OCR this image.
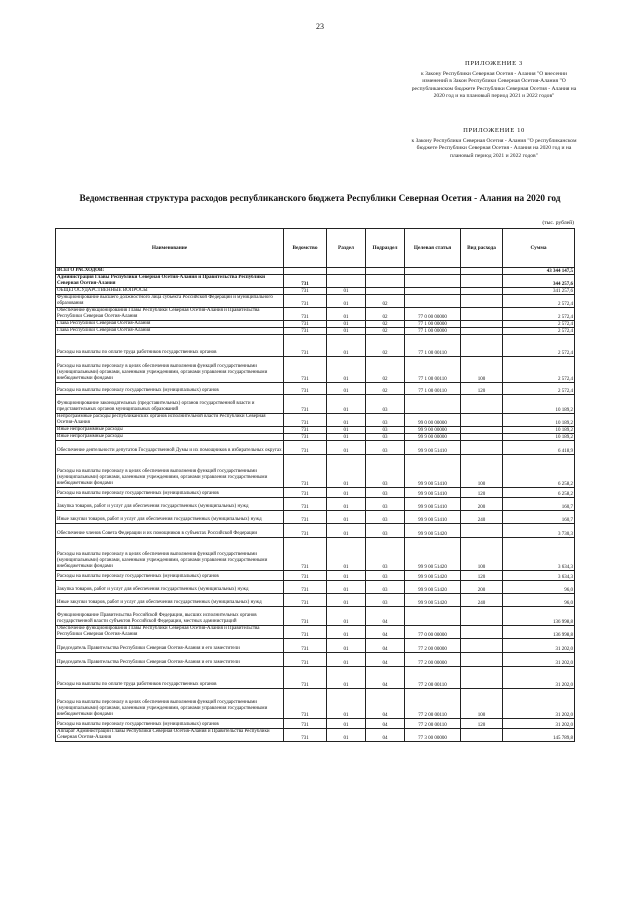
23
ПРИЛОЖЕНИЕ 3
к Закону Республики Северная Осетия - Алания "О внесении изменений в Закон Республики Северная Осетия-Алания "О республиканском бюджете Республики Северная Осетия - Алания на 2020 год и на плановый период 2021 и 2022 годов"
ПРИЛОЖЕНИЕ 10
к Закону Республики Северная Осетия - Алания "О республиканском бюджете Республики Северная Осетия - Алания на 2020 год и на плановый период 2021 и 2022 годов"
Ведомственная структура расходов республиканского бюджета Республики Северная Осетия - Алания на 2020 год
(тыс. рублей)
Наименование	Ведомство	Раздел	Подраздел	Целевая статья	Вид расхода	Сумма
ВСЕГО РАСХОДОВ:						43 344 147,5
Администрация Главы Республики Северная Осетия-Алания и Правительства Республики Северная Осетия-Алания	731					344 257,6
ОБЩЕГОСУДАРСТВЕННЫЕ ВОПРОСЫ	731	01				341 257,6
Функционирование высшего должностного лица субъекта Российской Федерации и муниципального образования	731	01	02			2 572,4
Обеспечение функционирования Главы Республики Северная Осетия-Алания и Правительства Республики Северная Осетия-Алания	731	01	02	77 0 00 00000		2 572,4
Глава Республики Северная Осетия-Алания	731	01	02	77 1 00 00000		2 572,4
Глава Республики Северная Осетия-Алания	731	01	02	77 1 00 00000		2 572,4
Расходы на выплаты по оплате труда работников государственных органов	731	01	02	77 1 00 00110		2 572,4
Расходы на выплаты персоналу в целях обеспечения выполнения функций государственными (муниципальными) органами, казенными учреждениями, органами управления государственными внебюджетными фондами	731	01	02	77 1 00 00110	100	2 572,4
Расходы на выплаты персоналу государственных (муниципальных) органов	731	01	02	77 1 00 00110	120	2 572,4
Функционирование законодательных (представительных) органов государственной власти и представительных органов муниципальных образований	731	01	03			10 189,2
Непрограммные расходы республиканских органов исполнительной власти Республики Северная Осетия-Алания	731	01	03	99 0 00 00000		10 189,2
Иные непрограммные расходы	731	01	03	99 9 00 00000		10 189,2
Иные непрограммные расходы	731	01	03	99 9 00 00000		10 189,2
Обеспечение деятельности депутатов Государственной Думы и их помощников в избирательных округах	731	01	03	99 9 00 51410		6 418,9
Расходы на выплаты персоналу в целях обеспечения выполнения функций государственными (муниципальными) органами, казенными учреждениями, органами управления государственными внебюджетными фондами	731	01	03	99 9 00 51410	100	6 258,2
Расходы на выплаты персоналу государственных (муниципальных) органов	731	01	03	99 9 00 51410	120	6 258,2
Закупка товаров, работ и услуг для обеспечения государственных (муниципальных) нужд	731	01	03	99 9 00 51410	200	160,7
Иные закупки товаров, работ и услуг для обеспечения государственных (муниципальных) нужд	731	01	03	99 9 00 51410	240	160,7
Обеспечение членов Совета Федерации и их помощников в субъектах Российской Федерации	731	01	03	99 9 00 51420		3 730,3
Расходы на выплаты персоналу в целях обеспечения выполнения функций государственными (муниципальными) органами, казенными учреждениями, органами управления государственными внебюджетными фондами	731	01	03	99 9 00 51420	100	3 634,3
Расходы на выплаты персоналу государственных (муниципальных) органов	731	01	03	99 9 00 51420	120	3 634,3
Закупка товаров, работ и услуг для обеспечения государственных (муниципальных) нужд	731	01	03	99 9 00 51420	200	96,0
Иные закупки товаров, работ и услуг для обеспечения государственных (муниципальных) нужд	731	01	03	99 9 00 51420	240	96,0
Функционирование Правительства Российской Федерации, высших исполнительных органов государственной власти субъектов Российской Федерации, местных администраций	731	01	04			136 998,8
Обеспечение функционирования Главы Республики Северная Осетия-Алания и Правительства Республики Северная Осетия-Алания	731	01	04	77 0 00 00000		136 998,8
Председатель Правительства Республики Северная Осетия-Алания и его заместители	731	01	04	77 2 00 00000		31 202,0
Председатель Правительства Республики Северная Осетия-Алания и его заместители	731	01	04	77 2 00 00000		31 202,0
Расходы на выплаты по оплате труда работников государственных органов	731	01	04	77 2 00 00110		31 202,0
Расходы на выплаты персоналу в целях обеспечения выполнения функций государственными (муниципальными) органами, казенными учреждениями, органами управления государственными внебюджетными фондами	731	01	04	77 2 00 00110	100	31 202,0
Расходы на выплаты персоналу государственных (муниципальных) органов	731	01	04	77 2 00 00110	120	31 202,0
Аппарат Администрации Главы Республики Северная Осетия-Алания и Правительства Республики Северная Осетия-Алания	731	01	04	77 3 00 00000		145 789,8
